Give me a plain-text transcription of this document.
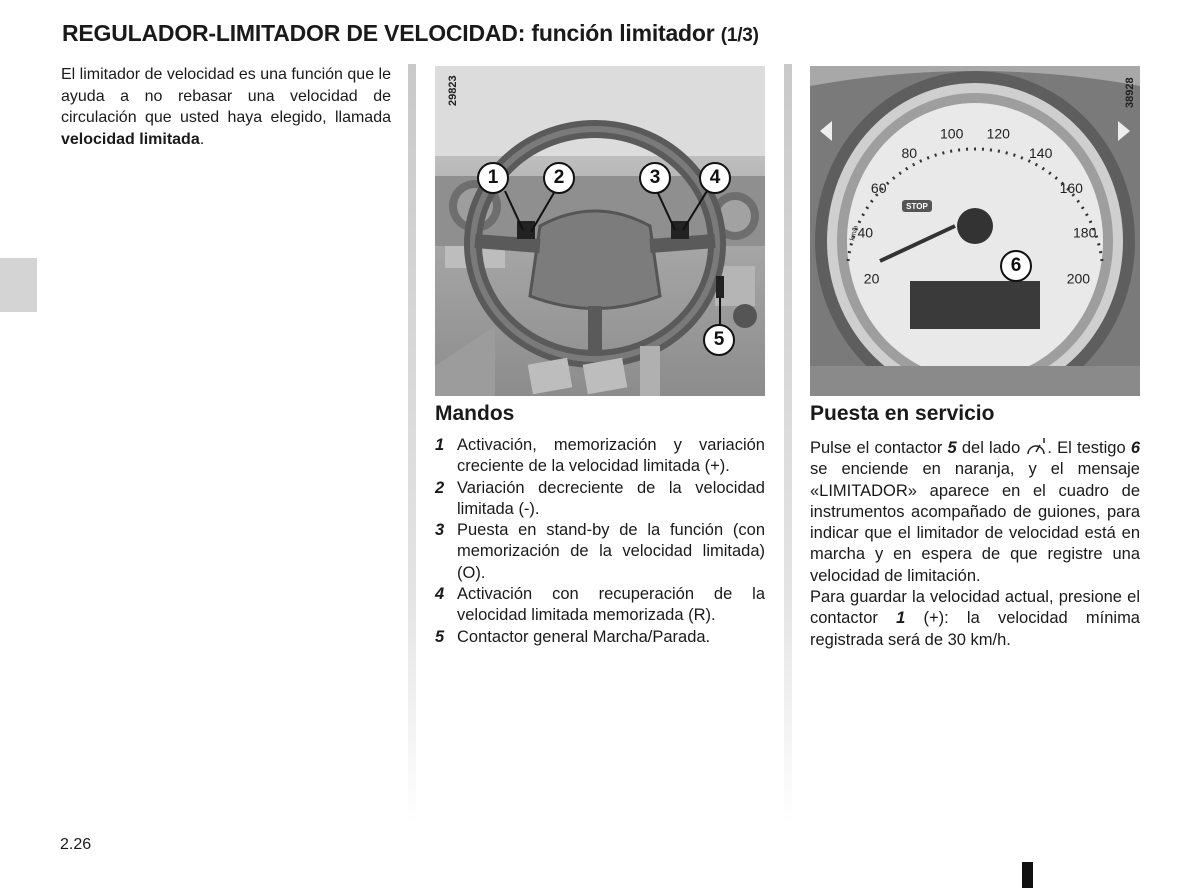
REGULADOR-LIMITADOR DE VELOCIDAD: función limitador (1/3)
El limitador de velocidad es una función que le ayuda a no rebasar una velocidad de circulación que usted haya elegido, llamada velocidad limitada.
29823
1	2	3	4
5
STOP
km/h
20
40
60
80
100 120
140
160
180
200
38928
6
Mandos
1 Activación, memorización y variación creciente de la velocidad limitada (+).
2 Variación decreciente de la velocidad limitada (-).
3 Puesta en stand-by de la función (con memorización de la velocidad limitada) (O).
4 Activación con recuperación de la velocidad limitada memorizada (R).
5 Contactor general Marcha/Parada.
Puesta en servicio

Pulse el contactor 5 del lado . El testigo 6 se enciende en naranja, y el mensaje «LIMITADOR» aparece en el cuadro de instrumentos acompañado de guiones, para indicar que el limitador de velocidad está en marcha y en espera de que registre una velocidad de limitación.

Para guardar la velocidad actual, presione el contactor 1 (+): la velocidad mínima registrada será de 30 km/h.

2.26
